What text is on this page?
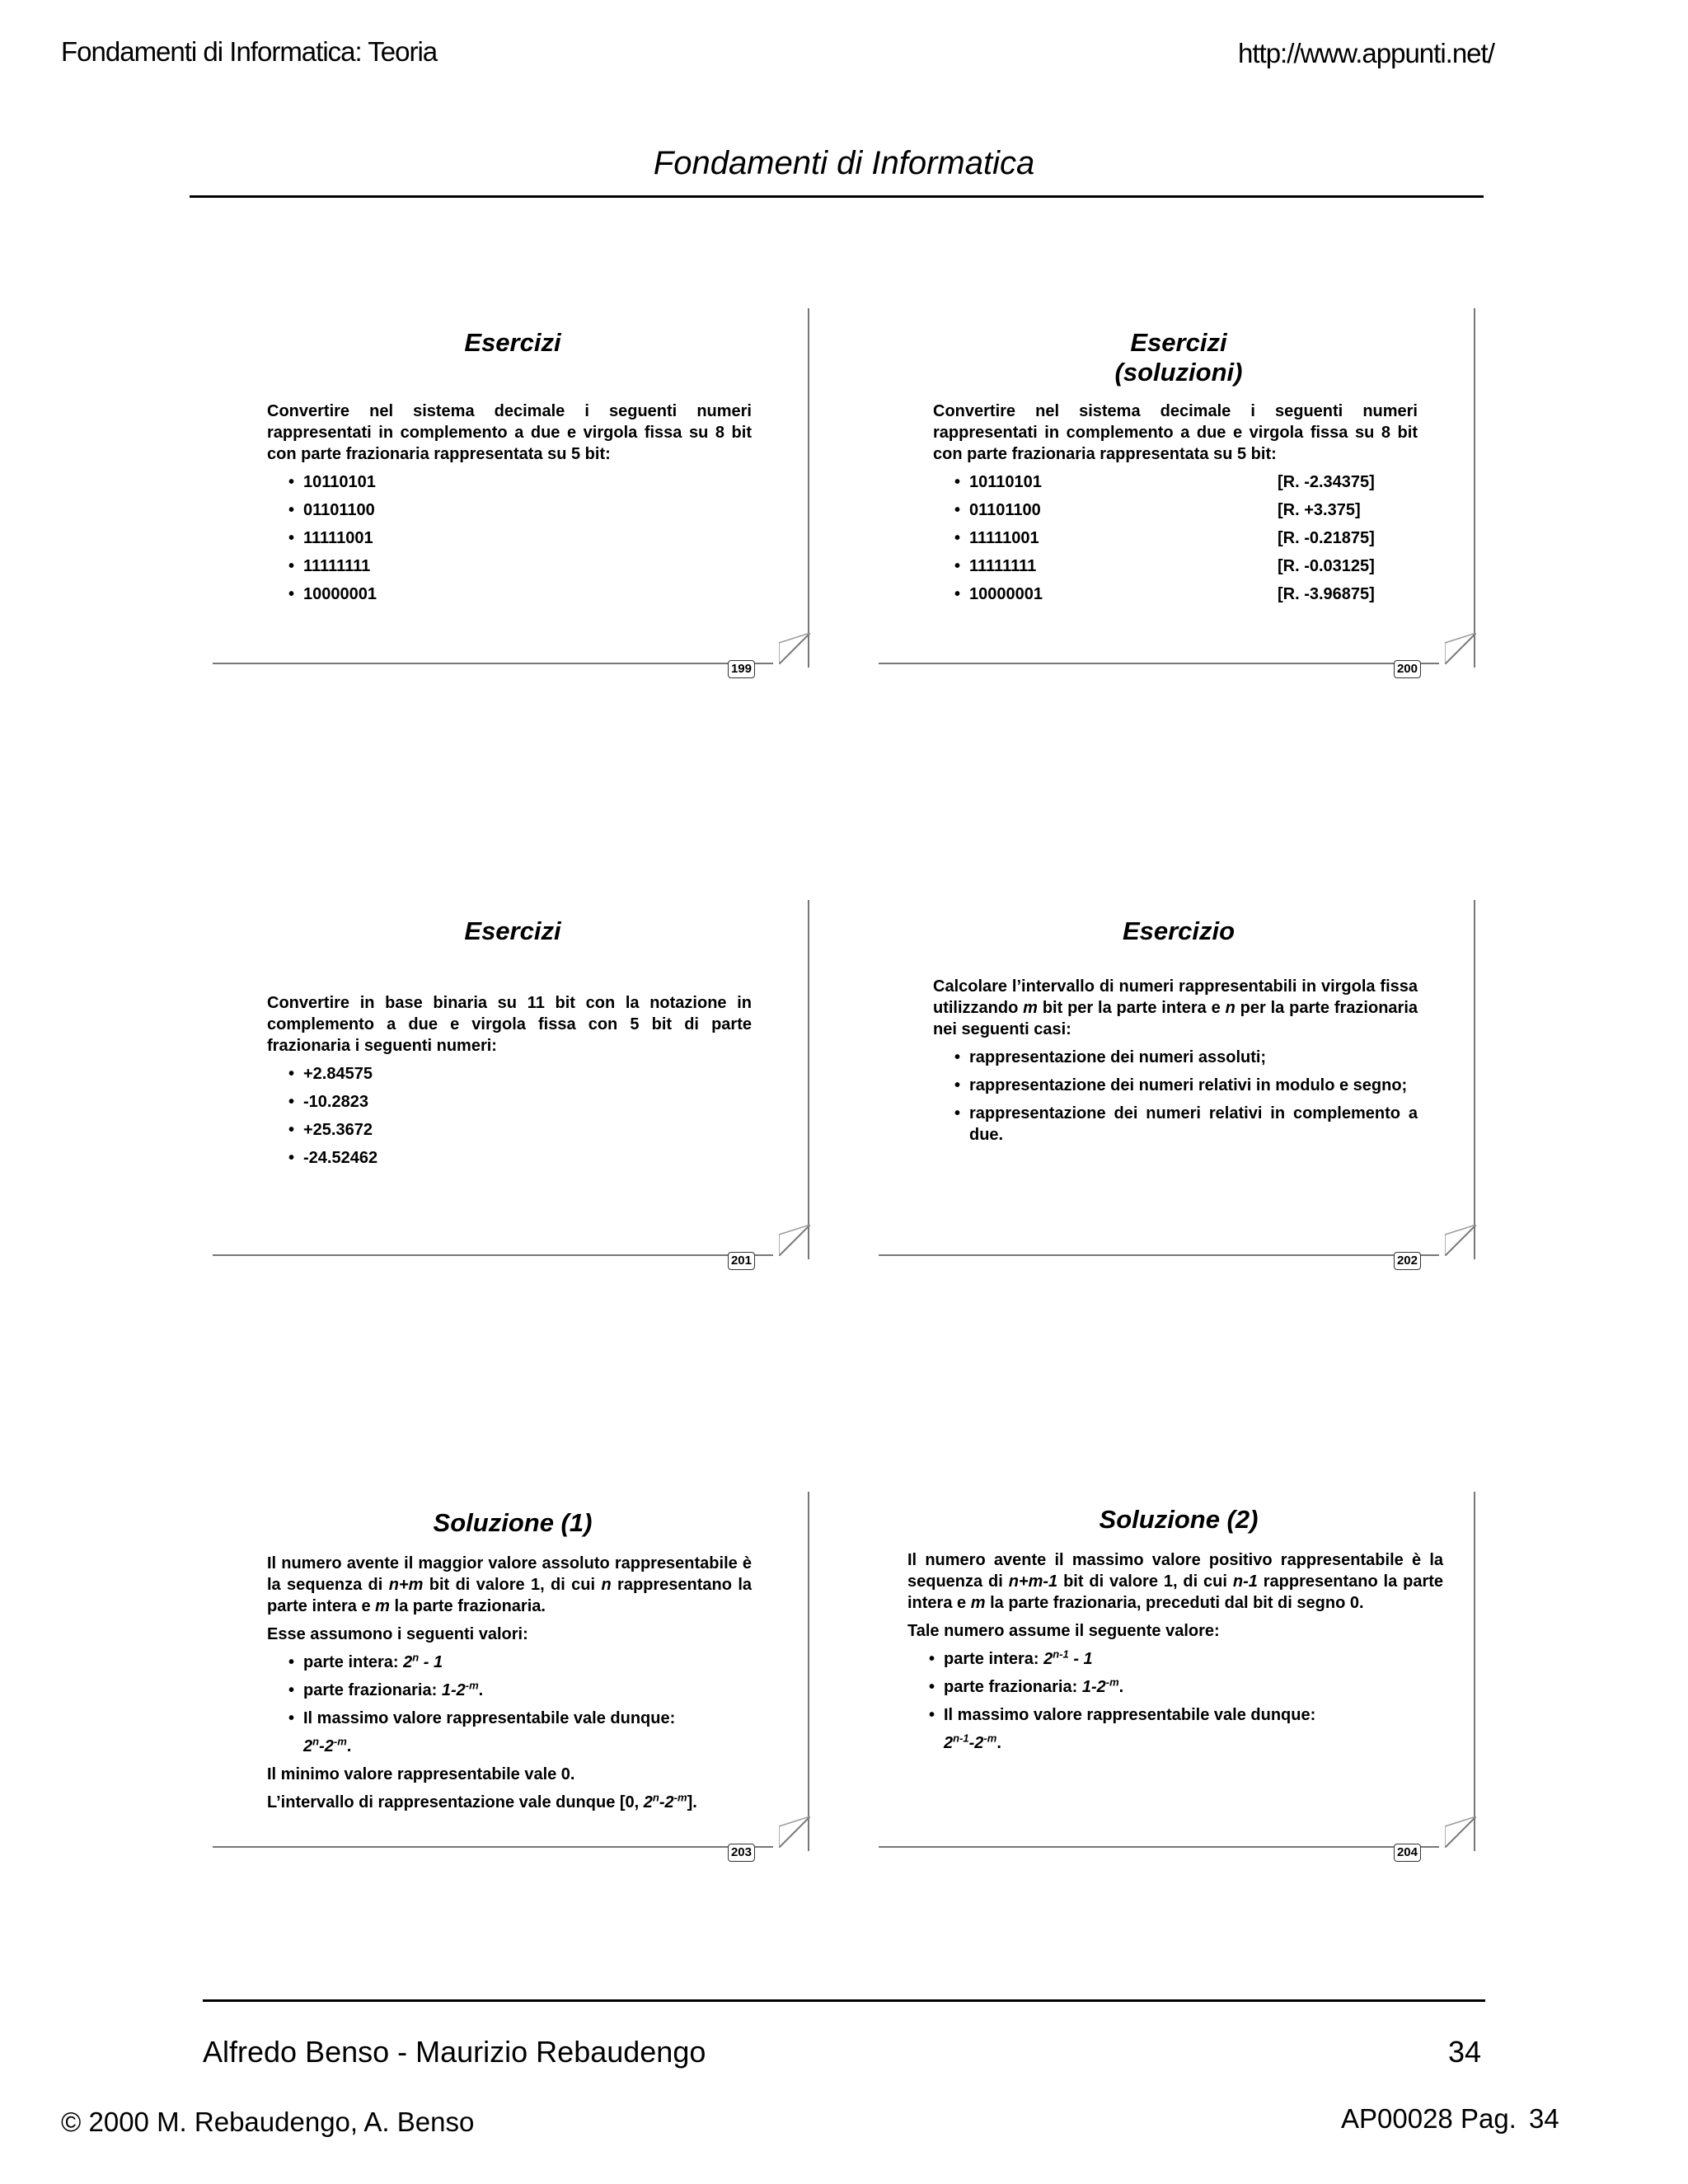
Fondamenti di Informatica: Teoria	http://www.appunti.net/
Fondamenti di Informatica
199
Esercizi
Convertire nel sistema decimale i seguenti numeri rappresentati in complemento a due e virgola fissa su 8 bit con parte frazionaria rappresentata su 5 bit:
• 10110101
• 01101100
• 11111001
• 11111111
• 10000001
200
Esercizi
(soluzioni)
Convertire nel sistema decimale i seguenti numeri rappresentati in complemento a due e virgola fissa su 8 bit con parte frazionaria rappresentata su 5 bit:
• 10110101	[R. -2.34375]
• 01101100	[R. +3.375]
• 11111001	[R. -0.21875]
• 11111111	[R. -0.03125]
• 10000001	[R. -3.96875]
201
Esercizi
Convertire in base binaria su 11 bit con la notazione in complemento a due e virgola fissa con 5 bit di parte frazionaria i seguenti numeri:
• +2.84575
• -10.2823
• +25.3672
• -24.52462
202
Esercizio
Calcolare l’intervallo di numeri rappresentabili in virgola fissa utilizzando m bit per la parte intera e n per la parte frazionaria nei seguenti casi:
• rappresentazione dei numeri assoluti;
• rappresentazione dei numeri relativi in modulo e segno;
• rappresentazione dei numeri relativi in complemento a due.
203
Soluzione (1)
Il numero avente il maggior valore assoluto rappresentabile è la sequenza di n+m bit di valore 1, di cui n rappresentano la parte intera e m la parte frazionaria.
Esse assumono i seguenti valori:
• parte intera: 2$^n$ - 1
• parte frazionaria: $1-2^{-m}$.
• Il massimo valore rappresentabile vale dunque:
$2^n-2^{-m}$.
Il minimo valore rappresentabile vale 0.
L’intervallo di rappresentazione vale dunque [0, $2^n-2^{-m}$].
204
Soluzione (2)
Il numero avente il massimo valore positivo rappresentabile è la sequenza di n+m-1 bit di valore 1, di cui n-1 rappresentano la parte intera e m la parte frazionaria, preceduti dal bit di segno 0.
Tale numero assume il seguente valore:
• parte intera: 2$^{n-1}$ - 1
• parte frazionaria: $1-2^{-m}$.
• Il massimo valore rappresentabile vale dunque:
$2^{n-1}-2^{-m}$.
Alfredo Benso - Maurizio Rebaudengo	34
© 2000 M. Rebaudengo, A. Benso	AP00028 Pag. 34
